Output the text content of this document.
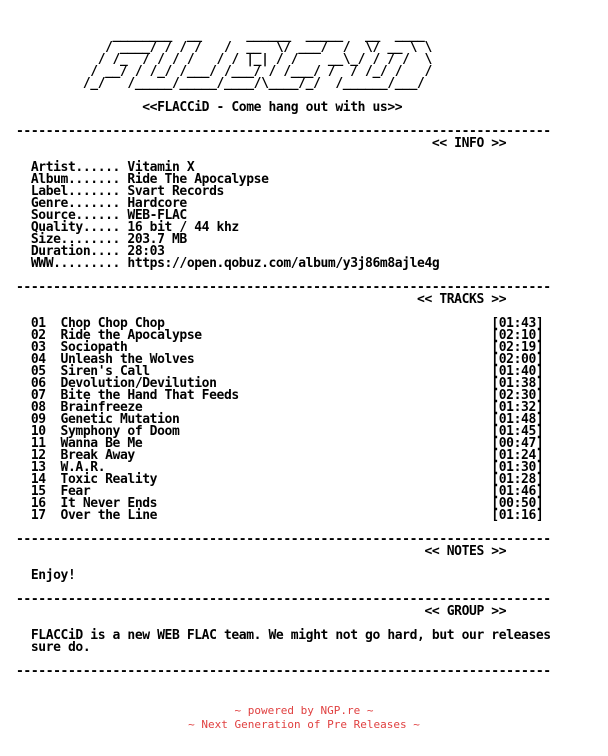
________  __      ______  _____   __  ____
/ ____/ / / /   /  __  \/ ___/  /  \/ __ \ \
/ /_  / / / /   / / |_| / /    __\_/ / / /  \
/ __/ / /_/ /___/ /___/ / /___/ /  / /_/ /   /
/_/   /_____/_____/____/\____/_/  /______/___/

<<FLACCiD - Come hang out with us>>

------------------------------------------------------------------------
<< INFO >>

Artist...... Vitamin X
Album....... Ride The Apocalypse
Label....... Svart Records
Genre....... Hardcore
Source...... WEB-FLAC
Quality..... 16 bit / 44 khz
Size........ 203.7 MB
Duration.... 28:03
WWW......... https://open.qobuz.com/album/y3j86m8ajle4g

------------------------------------------------------------------------
<< TRACKS >>

01  Chop Chop Chop                                            [01:43]
02  Ride the Apocalypse                                       [02:10]
03  Sociopath                                                 [02:19]
04  Unleash the Wolves                                        [02:00]
05  Siren's Call                                              [01:40]
06  Devolution/Devilution                                     [01:38]
07  Bite the Hand That Feeds                                  [02:30]
08  Brainfreeze                                               [01:32]
09  Genetic Mutation                                          [01:48]
10  Symphony of Doom                                          [01:45]
11  Wanna Be Me                                               [00:47]
12  Break Away                                                [01:24]
13  W.A.R.                                                    [01:30]
14  Toxic Reality                                             [01:28]
15  Fear                                                      [01:46]
16  It Never Ends                                             [00:50]
17  Over the Line                                             [01:16]

------------------------------------------------------------------------
<< NOTES >>

Enjoy!

------------------------------------------------------------------------
<< GROUP >>

FLACCiD is a new WEB FLAC team. We might not go hard, but our releases
sure do.

------------------------------------------------------------------------

~ powered by NGP.re ~
~ Next Generation of Pre Releases ~
